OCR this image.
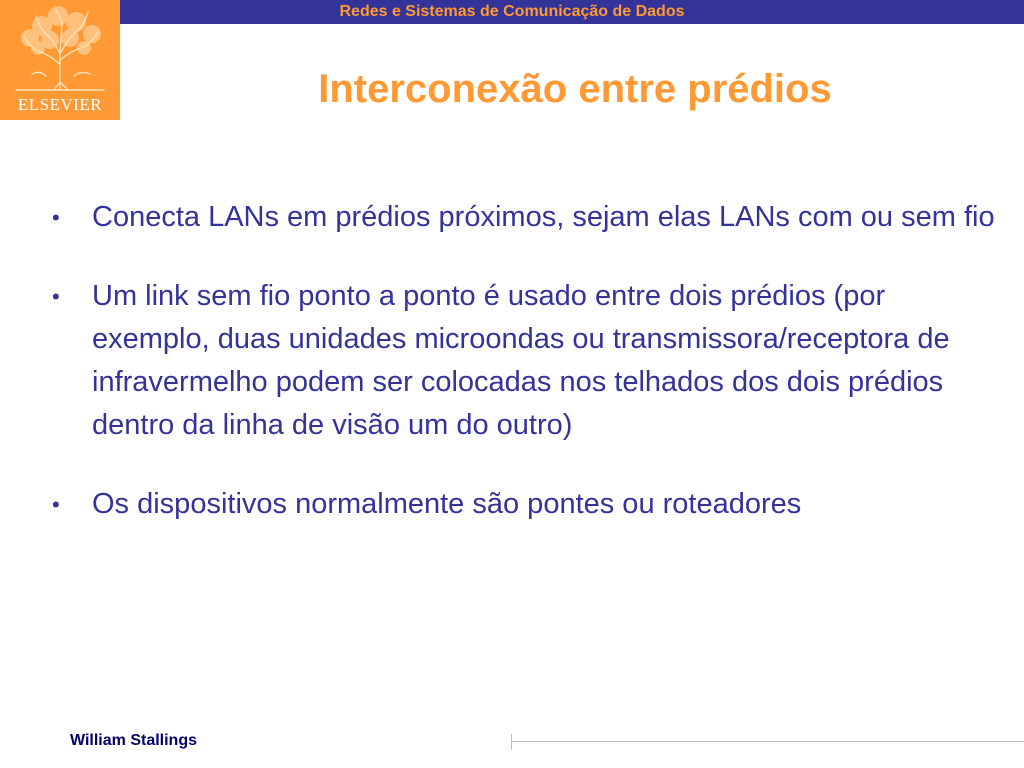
Redes e Sistemas de Comunicação de Dados
ELSEVIER	Interconexão entre prédios
•	Conecta LANs em prédios próximos, sejam elas LANs com ou sem fio
•	Um link sem fio ponto a ponto é usado entre dois prédios (por exemplo, duas unidades microondas ou transmissora/receptora de infravermelho podem ser colocadas nos telhados dos dois prédios dentro da linha de visão um do outro)
•	Os dispositivos normalmente são pontes ou roteadores
William Stallings
